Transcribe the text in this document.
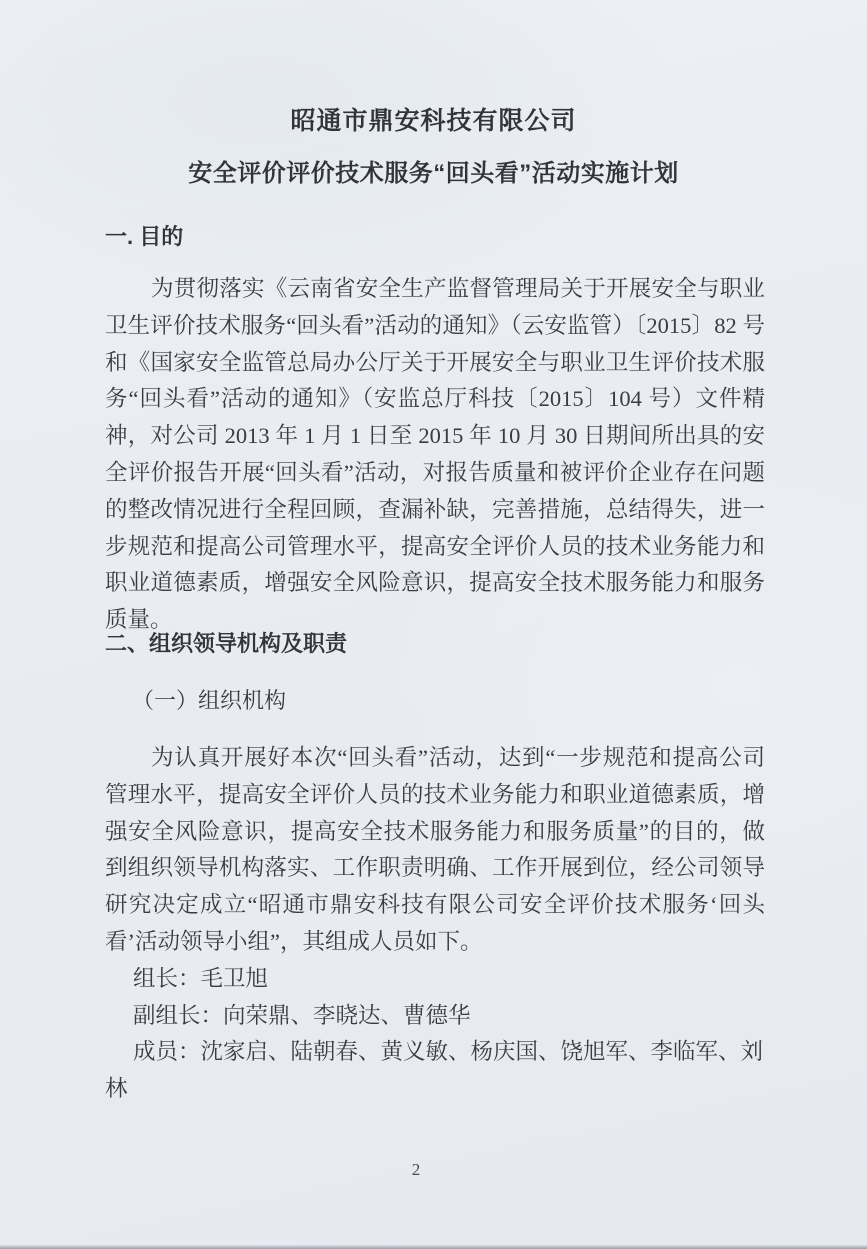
昭通市鼎安科技有限公司
安全评价评价技术服务“回头看”活动实施计划
一. 目的

为贯彻落实《云南省安全生产监督管理局关于开展安全与职业卫生评价技术服务“回头看”活动的通知》（云安监管）〔2015〕82 号和《国家安全监管总局办公厅关于开展安全与职业卫生评价技术服务“回头看”活动的通知》（安监总厅科技〔2015〕104 号）文件精神，对公司 2013 年 1 月 1 日至 2015 年 10 月 30 日期间所出具的安全评价报告开展“回头看”活动，对报告质量和被评价企业存在问题的整改情况进行全程回顾，查漏补缺，完善措施，总结得失，进一步规范和提高公司管理水平，提高安全评价人员的技术业务能力和职业道德素质，增强安全风险意识，提高安全技术服务能力和服务质量。

二、组织领导机构及职责
（一）组织机构

为认真开展好本次“回头看”活动，达到“一步规范和提高公司管理水平，提高安全评价人员的技术业务能力和职业道德素质，增强安全风险意识，提高安全技术服务能力和服务质量”的目的，做到组织领导机构落实、工作职责明确、工作开展到位，经公司领导研究决定成立“昭通市鼎安科技有限公司安全评价技术服务‘回头看’活动领导小组”，其组成人员如下。

组长：毛卫旭

副组长：向荣鼎、李晓达、曹德华

成员：沈家启、陆朝春、黄义敏、杨庆国、饶旭军、李临军、刘林

2
